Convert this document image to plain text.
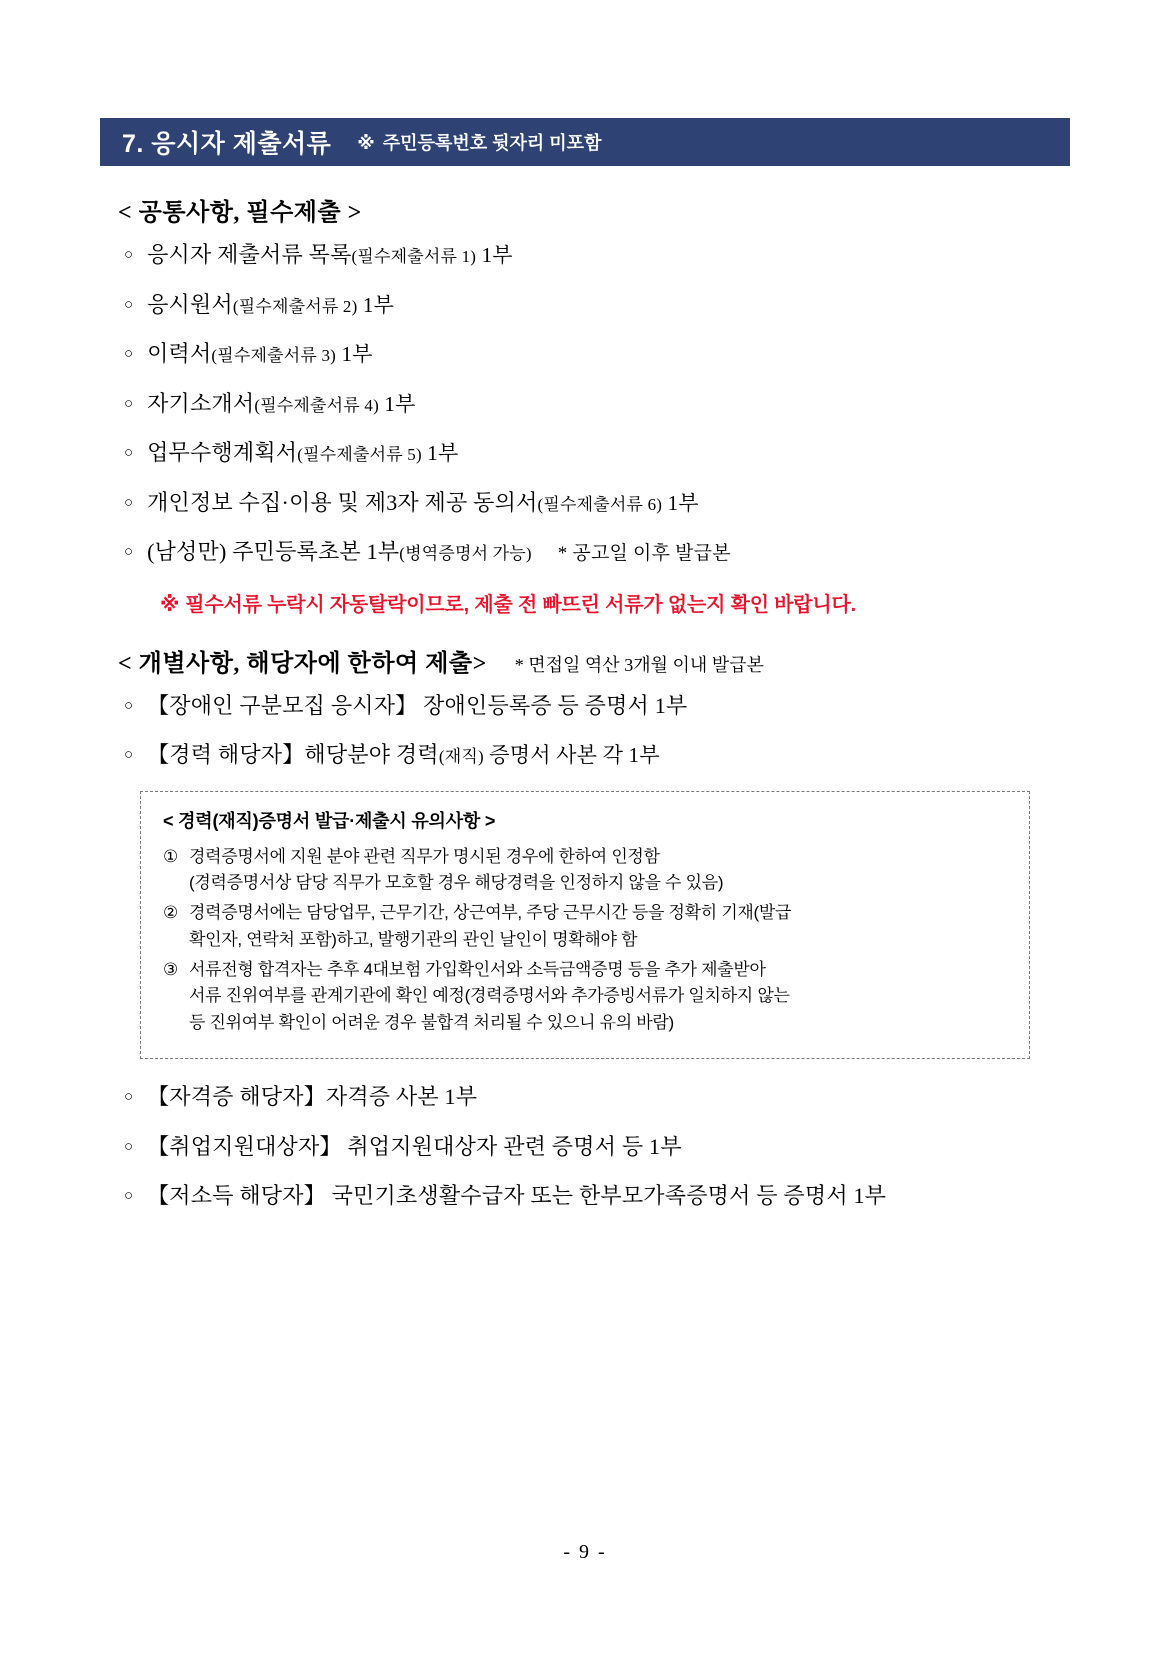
7. 응시자 제출서류 ※ 주민등록번호 뒷자리 미포함
< 공통사항, 필수제출 >
○ 응시자 제출서류 목록(필수제출서류 1) 1부
○ 응시원서(필수제출서류 2) 1부
○ 이력서(필수제출서류 3) 1부
○ 자기소개서(필수제출서류 4) 1부
○ 업무수행계획서(필수제출서류 5) 1부
○ 개인정보 수집·이용 및 제3자 제공 동의서(필수제출서류 6) 1부
○ (남성만) 주민등록초본 1부(병역증명서 가능) * 공고일 이후 발급본
※ 필수서류 누락시 자동탈락이므로, 제출 전 빠뜨린 서류가 없는지 확인 바랍니다.
< 개별사항, 해당자에 한하여 제출> * 면접일 역산 3개월 이내 발급본
○ 【장애인 구분모집 응시자】 장애인등록증 등 증명서 1부
○ 【경력 해당자】해당분야 경력(재직) 증명서 사본 각 1부
< 경력(재직)증명서 발급·제출시 유의사항 >
① 경력증명서에 지원 분야 관련 직무가 명시된 경우에 한하여 인정함
(경력증명서상 담당 직무가 모호할 경우 해당경력을 인정하지 않을 수 있음)
② 경력증명서에는 담당업무, 근무기간, 상근여부, 주당 근무시간 등을 정확히 기재(발급
확인자, 연락처 포함)하고, 발행기관의 관인 날인이 명확해야 함
③ 서류전형 합격자는 추후 4대보험 가입확인서와 소득금액증명 등을 추가 제출받아
서류 진위여부를 관계기관에 확인 예정(경력증명서와 추가증빙서류가 일치하지 않는
등 진위여부 확인이 어려운 경우 불합격 처리될 수 있으니 유의 바람)
○ 【자격증 해당자】자격증 사본 1부
○ 【취업지원대상자】 취업지원대상자 관련 증명서 등 1부
○ 【저소득 해당자】 국민기초생활수급자 또는 한부모가족증명서 등 증명서 1부
- 9 -
